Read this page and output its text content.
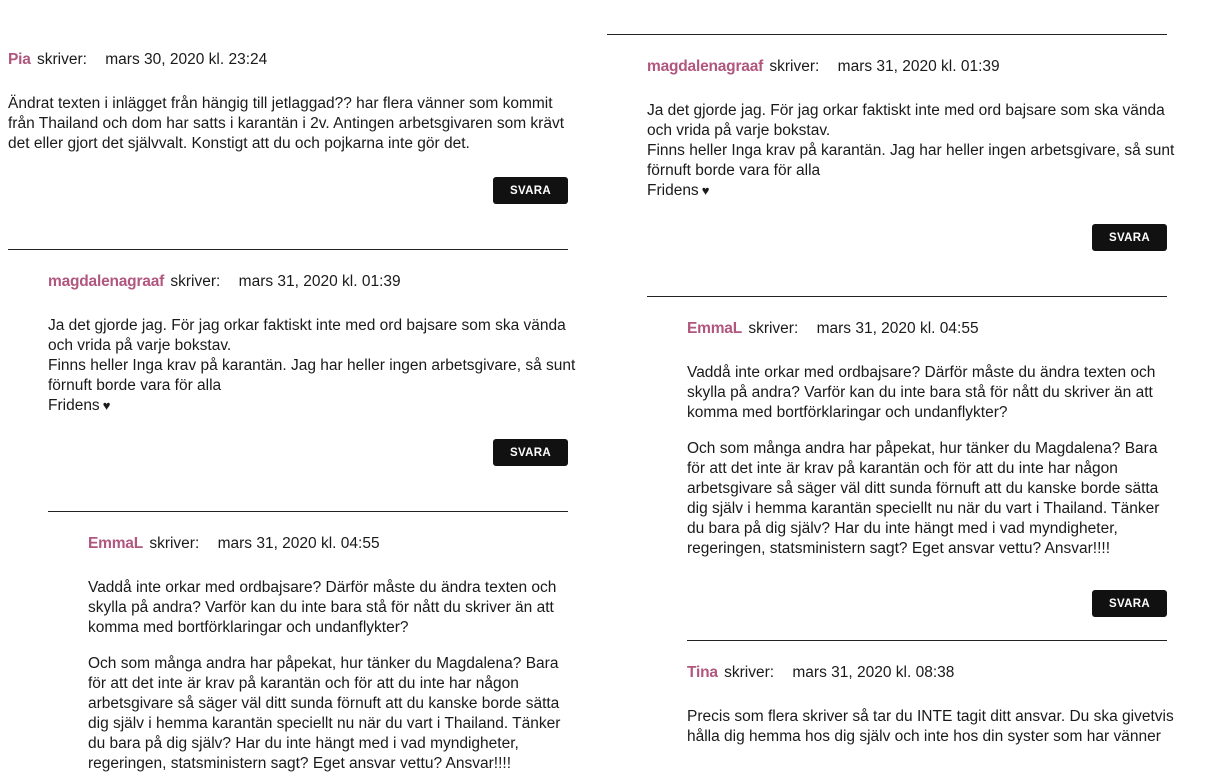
Pia skriver: mars 30, 2020 kl. 23:24
Ändrat texten i inlägget från hängig till jetlaggad?? har flera vänner som kommit
från Thailand och dom har satts i karantän i 2v. Antingen arbetsgivaren som krävt
det eller gjort det självvalt. Konstigt att du och pojkarna inte gör det.
SVARA
magdalenagraaf skriver: mars 31, 2020 kl. 01:39
Ja det gjorde jag. För jag orkar faktiskt inte med ord bajsare som ska vända
och vrida på varje bokstav.
Finns heller Inga krav på karantän. Jag har heller ingen arbetsgivare, så sunt
förnuft borde vara för alla
Fridens ♥
SVARA
EmmaL skriver: mars 31, 2020 kl. 04:55
Vaddå inte orkar med ordbajsare? Därför måste du ändra texten och
skylla på andra? Varför kan du inte bara stå för nått du skriver än att
komma med bortförklaringar och undanflykter?
Och som många andra har påpekat, hur tänker du Magdalena? Bara
för att det inte är krav på karantän och för att du inte har någon
arbetsgivare så säger väl ditt sunda förnuft att du kanske borde sätta
dig själv i hemma karantän speciellt nu när du vart i Thailand. Tänker
du bara på dig själv? Har du inte hängt med i vad myndigheter,
regeringen, statsministern sagt? Eget ansvar vettu? Ansvar!!!!
magdalenagraaf skriver: mars 31, 2020 kl. 01:39
Ja det gjorde jag. För jag orkar faktiskt inte med ord bajsare som ska vända
och vrida på varje bokstav.
Finns heller Inga krav på karantän. Jag har heller ingen arbetsgivare, så sunt
förnuft borde vara för alla
Fridens ♥
SVARA
EmmaL skriver: mars 31, 2020 kl. 04:55
Vaddå inte orkar med ordbajsare? Därför måste du ändra texten och
skylla på andra? Varför kan du inte bara stå för nått du skriver än att
komma med bortförklaringar och undanflykter?
Och som många andra har påpekat, hur tänker du Magdalena? Bara
för att det inte är krav på karantän och för att du inte har någon
arbetsgivare så säger väl ditt sunda förnuft att du kanske borde sätta
dig själv i hemma karantän speciellt nu när du vart i Thailand. Tänker
du bara på dig själv? Har du inte hängt med i vad myndigheter,
regeringen, statsministern sagt? Eget ansvar vettu? Ansvar!!!!
SVARA
Tina skriver: mars 31, 2020 kl. 08:38
Precis som flera skriver så tar du INTE tagit ditt ansvar. Du ska givetvis
hålla dig hemma hos dig själv och inte hos din syster som har vänner
